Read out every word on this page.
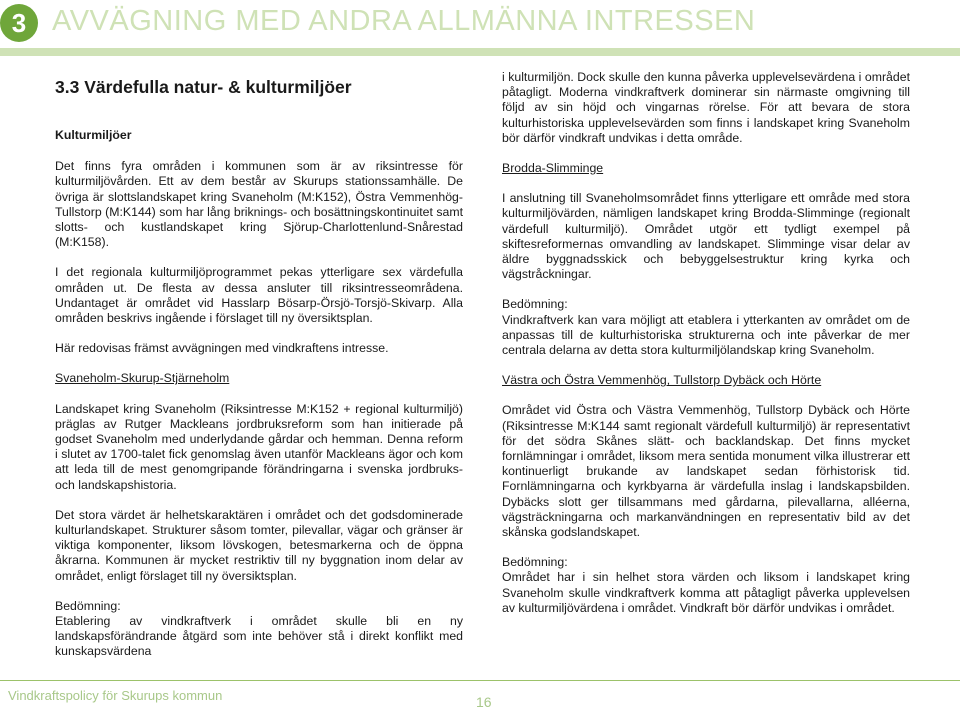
3 AVVÄGNING MED ANDRA ALLMÄNNA INTRESSEN
3.3 Värdefulla natur- & kulturmiljöer
Kulturmiljöer

Det finns fyra områden i kommunen som är av riksintresse för kulturmiljövården. Ett av dem består av Skurups stationssamhälle. De övriga är slottslandskapet kring Svaneholm (M:K152), Östra Vemmenhög-Tullstorp (M:K144) som har lång briknings- och bosättningskontinuitet samt slotts- och kustlandskapet kring Sjörup-Charlottenlund-Snårestad (M:K158).

I det regionala kulturmiljöprogrammet pekas ytterligare sex värdefulla områden ut. De flesta av dessa ansluter till riksintresseområdena. Undantaget är området vid Hasslarp Bösarp-Örsjö-Torsjö-Skivarp. Alla områden beskrivs ingående i förslaget till ny översiktsplan.

Här redovisas främst avvägningen med vindkraftens intresse.

Svaneholm-Skurup-Stjärneholm

Landskapet kring Svaneholm (Riksintresse M:K152 + regional kulturmiljö) präglas av Rutger Mackleans jordbruksreform som han initierade på godset Svaneholm med underlydande gårdar och hemman. Denna reform i slutet av 1700-talet fick genomslag även utanför Mackleans ägor och kom att leda till de mest genomgripande förändringarna i svenska jordbruks- och landskapshistoria.

Det stora värdet är helhetskaraktären i området och det godsdominerade kulturlandskapet. Strukturer såsom tomter, pilevallar, vägar och gränser är viktiga komponenter, liksom lövskogen, betesmarkerna och de öppna åkrarna. Kommunen är mycket restriktiv till ny byggnation inom delar av området, enligt förslaget till ny översiktsplan.

Bedömning:

Etablering av vindkraftverk i området skulle bli en ny landskapsförändrande åtgärd som inte behöver stå i direkt konflikt med kunskapsvärdena

i kulturmiljön. Dock skulle den kunna påverka upplevelsevärdena i området påtagligt. Moderna vindkraftverk dominerar sin närmaste omgivning till följd av sin höjd och vingarnas rörelse. För att bevara de stora kulturhistoriska upplevelsevärden som finns i landskapet kring Svaneholm bör därför vindkraft undvikas i detta område.

Brodda-Slimminge

I anslutning till Svaneholmsområdet finns ytterligare ett område med stora kulturmiljövärden, nämligen landskapet kring Brodda-Slimminge (regionalt värdefull kulturmiljö). Området utgör ett tydligt exempel på skiftesreformernas omvandling av landskapet. Slimminge visar delar av äldre byggnadsskick och bebyggelsestruktur kring kyrka och vägstråckningar.

Bedömning:

Vindkraftverk kan vara möjligt att etablera i ytterkanten av området om de anpassas till de kulturhistoriska strukturerna och inte påverkar de mer centrala delarna av detta stora kulturmiljölandskap kring Svaneholm.

Västra och Östra Vemmenhög, Tullstorp Dybäck och Hörte

Området vid Östra och Västra Vemmenhög, Tullstorp Dybäck och Hörte (Riksintresse M:K144 samt regionalt värdefull kulturmiljö) är representativt för det södra Skånes slätt- och backlandskap. Det finns mycket fornlämningar i området, liksom mera sentida monument vilka illustrerar ett kontinuerligt brukande av landskapet sedan förhistorisk tid. Fornlämningarna och kyrkbyarna är värdefulla inslag i landskapsbilden. Dybäcks slott ger tillsammans med gårdarna, pilevallarna, alléerna, vägsträckningarna och markanvändningen en representativ bild av det skånska godslandskapet.

Bedömning:

Området har i sin helhet stora värden och liksom i landskapet kring Svaneholm skulle vindkraftverk komma att påtagligt påverka upplevelsen av kulturmiljövärdena i området. Vindkraft bör därför undvikas i området.

Vindkraftspolicy för Skurups kommun	16
